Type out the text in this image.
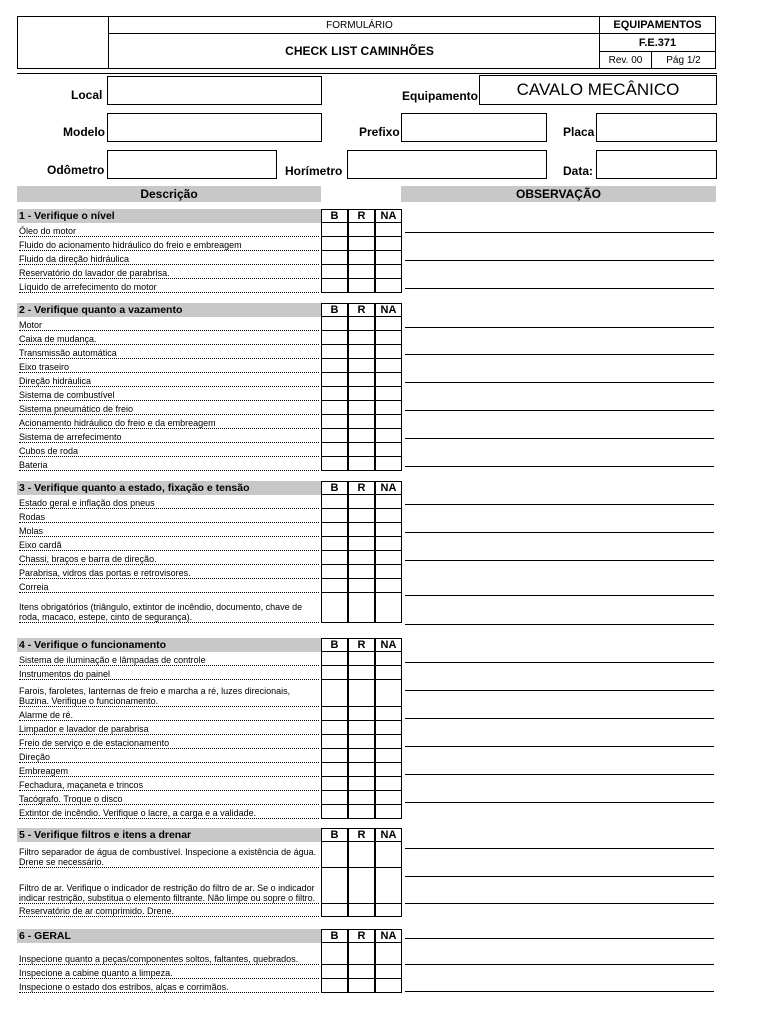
FORMULÁRIO
CHECK LIST CAMINHÕES
EQUIPAMENTOS
F.E.371
Rev. 00	Pág 1/2
Local	Equipamento CAVALO MECÂNICO
Modelo	Prefixo	Placa
Odômetro	Horímetro	Data:
Descrição	OBSERVAÇÃO
1 - Verifique o nível	B	R	NA
Óleo do motor
Fluido do acionamento hidráulico do freio e embreagem
Fluido da direção hidráulica
Reservatório do lavador de parabrisa.
Líquido de arrefecimento do motor
2 - Verifique quanto a vazamento	B	R	NA
Motor
Caixa de mudança.
Transmissão automática
Eixo traseiro
Direção hidráulica
Sistema de combustível
Sistema pneumático de freio
Acionamento hidráulico do freio e da embreagem
Sistema de arrefecimento
Cubos de roda
Bateria
3 - Verifique quanto a estado, fixação e tensão	B	R	NA
Estado geral e inflação dos pneus
Rodas
Molas
Eixo cardã
Chassi, braços e barra de direção.
Parabrisa, vidros das portas e retrovisores.
Correia
Itens obrigatórios (triângulo, extintor de incêndio, documento, chave de roda, macaco, estepe, cinto de segurança).
4 - Verifique o funcionamento	B	R	NA
Sistema de iluminação e lâmpadas de controle
Instrumentos do painel
Farois, faroletes, lanternas de freio e marcha a ré, luzes direcionais, Buzina. Verifique o funcionamento.
Alarme de ré.
Limpador e lavador de parabrisa
Freio de serviço e de estacionamento
Direção
Embreagem
Fechadura, maçaneta e trincos
Tacógrafo. Troque o disco
Extintor de incêndio. Verifique o lacre, a carga e a validade.
5 - Verifique filtros e itens a drenar	B	R	NA
Filtro separador de água de combustível. Inspecione a existência de água. Drene se necessário.
Filtro de ar. Verifique o indicador de restrição do filtro de ar. Se o indicador indicar restrição, substitua o elemento filtrante. Não limpe ou sopre o filtro.
Reservatório de ar comprimido. Drene.
6 - GERAL	B	R	NA
Inspecione quanto a peças/componentes soltos, faltantes, quebrados.
Inspecione a cabine quanto a limpeza.
Inspecione o estado dos estribos, alças e corrimãos.
